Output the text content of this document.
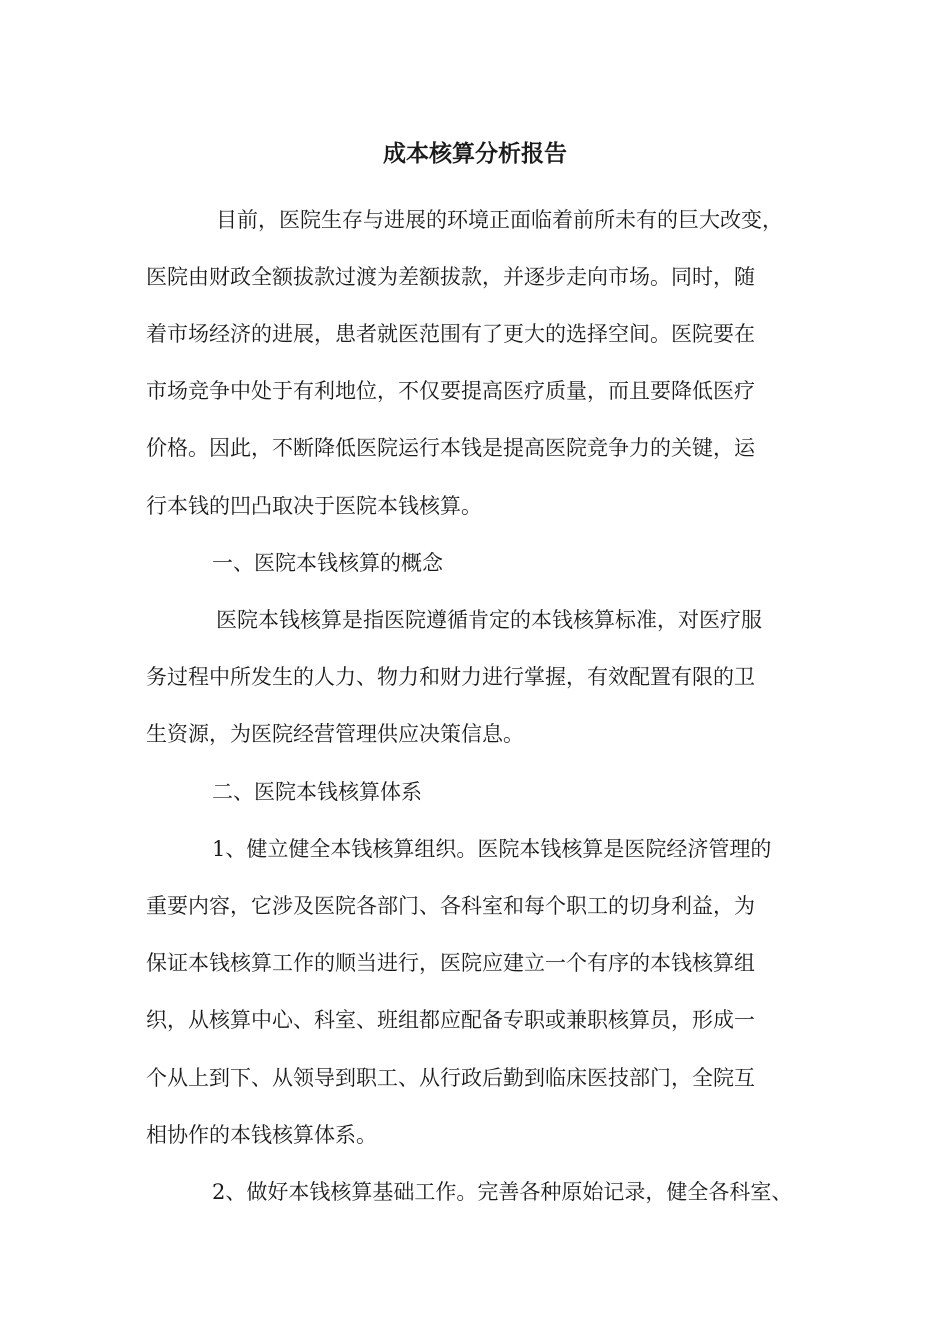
成本核算分析报告

目前，医院生存与进展的环境正面临着前所未有的巨大改变，

医院由财政全额拔款过渡为差额拔款，并逐步走向市场。同时，随

着市场经济的进展，患者就医范围有了更大的选择空间。医院要在

市场竞争中处于有利地位，不仅要提高医疗质量，而且要降低医疗

价格。因此，不断降低医院运行本钱是提高医院竞争力的关键，运

行本钱的凹凸取决于医院本钱核算。

一、医院本钱核算的概念

医院本钱核算是指医院遵循肯定的本钱核算标准，对医疗服

务过程中所发生的人力、物力和财力进行掌握，有效配置有限的卫

生资源，为医院经营管理供应决策信息。

二、医院本钱核算体系

1、健立健全本钱核算组织。医院本钱核算是医院经济管理的

重要内容，它涉及医院各部门、各科室和每个职工的切身利益，为

保证本钱核算工作的顺当进行，医院应建立一个有序的本钱核算组

织，从核算中心、科室、班组都应配备专职或兼职核算员，形成一

个从上到下、从领导到职工、从行政后勤到临床医技部门，全院互

相协作的本钱核算体系。

2、做好本钱核算基础工作。完善各种原始记录，健全各科室、
